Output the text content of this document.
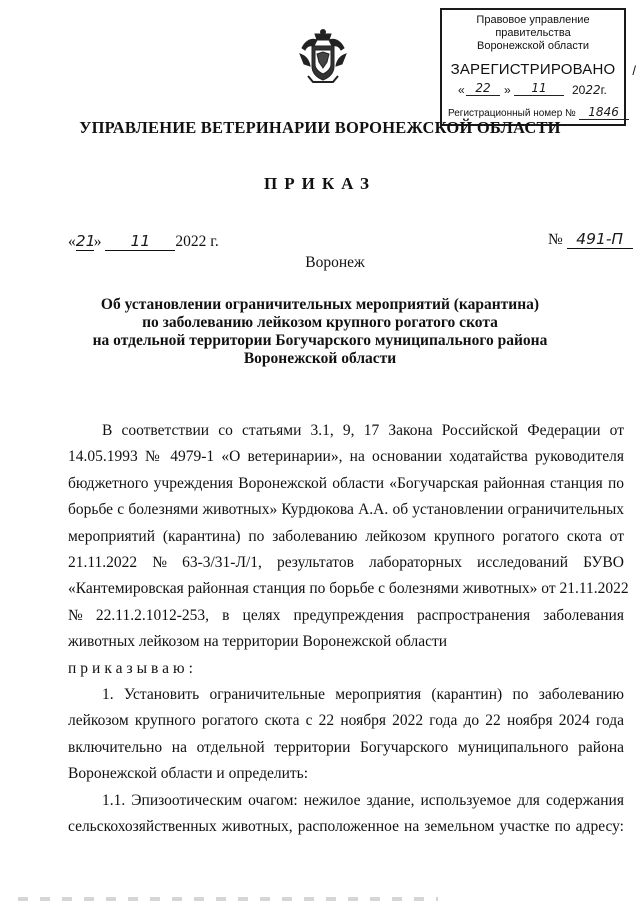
Правовое управление правительства
Воронежской области
ЗАРЕГИСТРИРОВАНО
« 22	»	11	2022г.
Регистрационный номер № 1846
/
УПРАВЛЕНИЕ ВЕТЕРИНАРИИ ВОРОНЕЖСКОЙ ОБЛАСТИ
ПРИКАЗ
«21» 11 2022 г.	№ 491-П
Воронеж
Об установлении ограничительных мероприятий (карантина)
по заболеванию лейкозом крупного рогатого скота
на отдельной территории Богучарского муниципального района
Воронежской области
В соответствии со статьями 3.1, 9, 17 Закона Российской Федерации от
14.05.1993 № 4979-1 «О ветеринарии», на основании ходатайства руководителя
бюджетного учреждения Воронежской области «Богучарская районная станция по
борьбе с болезнями животных» Курдюкова А.А. об установлении ограничительных
мероприятий (карантина) по заболеванию лейкозом крупного рогатого скота от
21.11.2022 № 63-3/31-Л/1, результатов лабораторных исследований БУВО
«Кантемировская районная станция по борьбе с болезнями животных» от 21.11.2022
№ 22.11.2.1012-253, в целях предупреждения распространения заболевания
животных лейкозом на территории Воронежской области
приказываю:
1. Установить ограничительные мероприятия (карантин) по заболеванию
лейкозом крупного рогатого скота с 22 ноября 2022 года до 22 ноября 2024 года
включительно на отдельной территории Богучарского муниципального района
Воронежской области и определить:
1.1. Эпизоотическим очагом: нежилое здание, используемое для содержания
сельскохозяйственных животных, расположенное на земельном участке по адресу:
